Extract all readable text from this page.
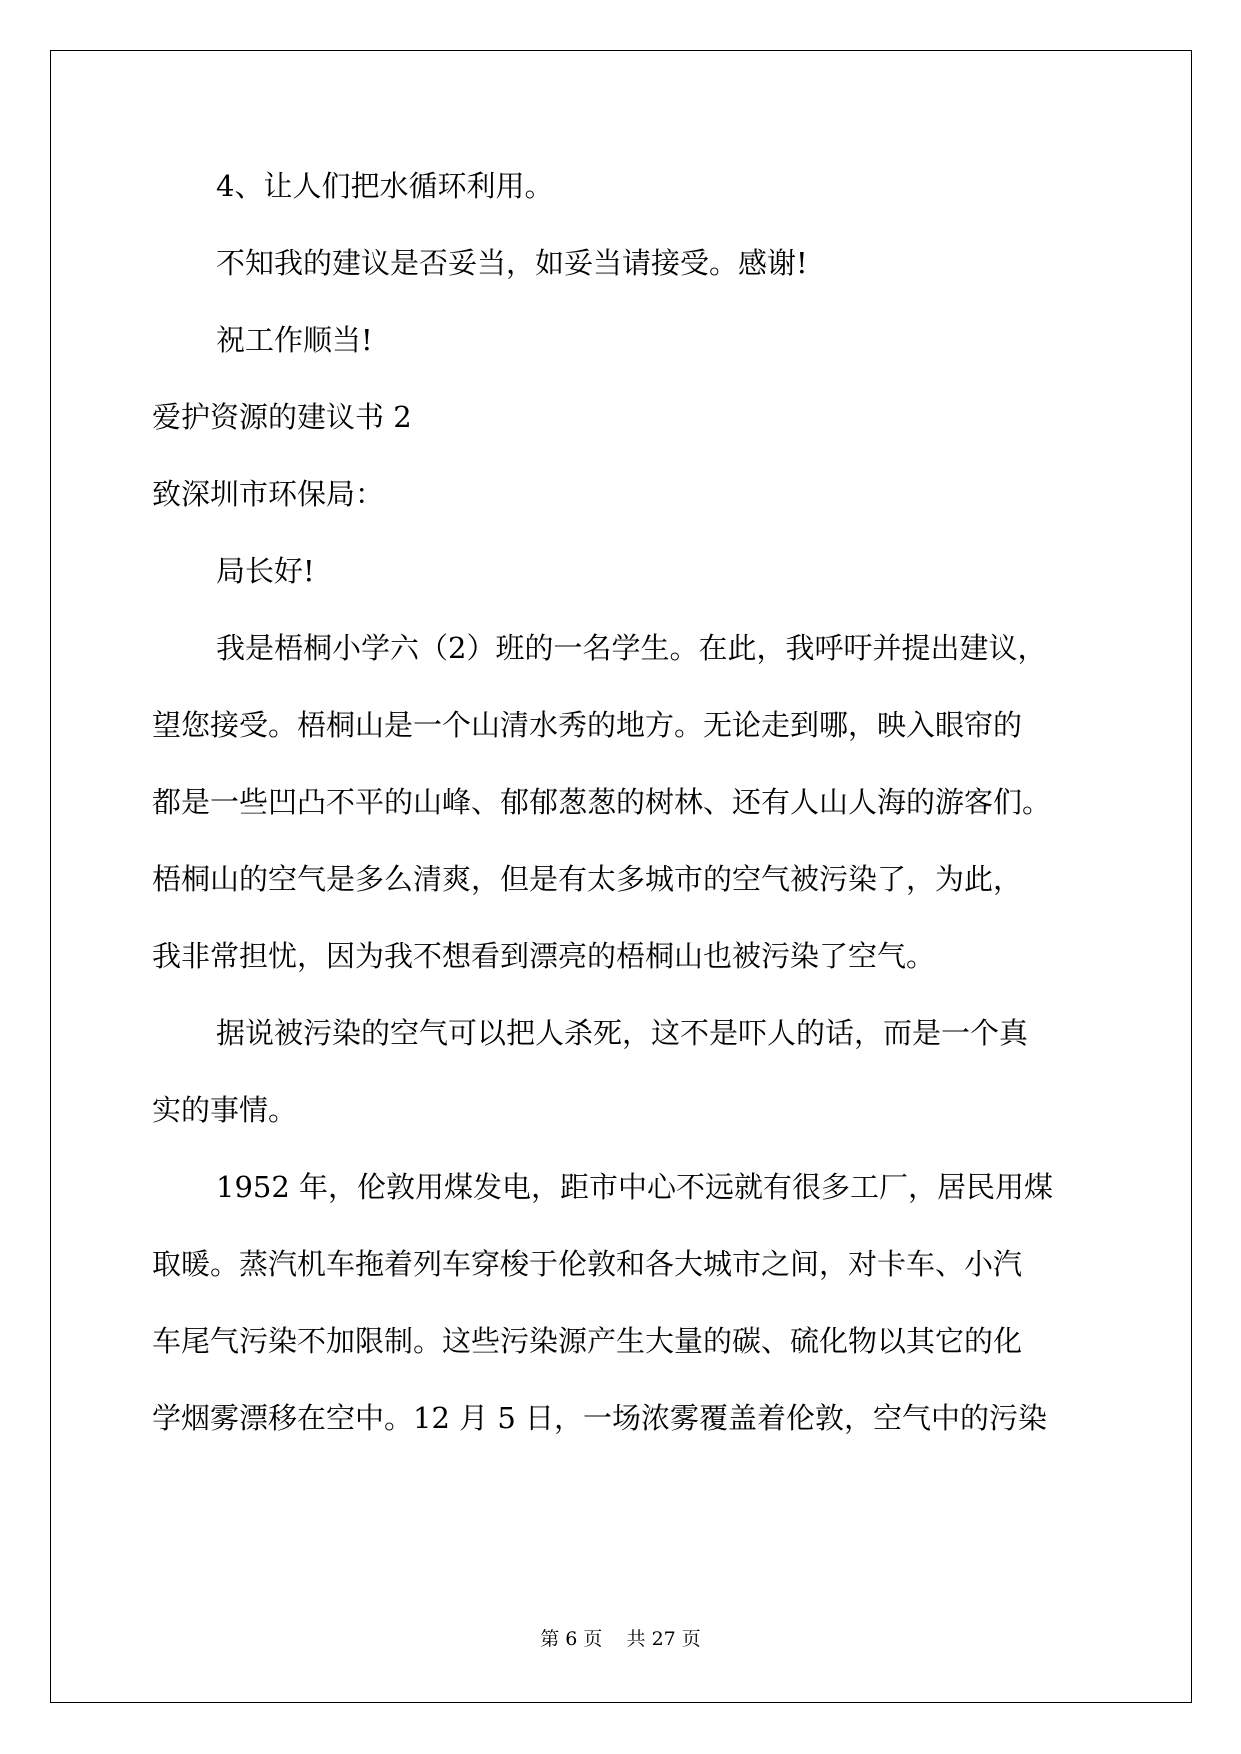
4、让人们把水循环利用。
不知我的建议是否妥当，如妥当请接受。感谢!
祝工作顺当!
爱护资源的建议书 2
致深圳市环保局：
局长好!
我是梧桐小学六（2）班的一名学生。在此，我呼吁并提出建议，
望您接受。梧桐山是一个山清水秀的地方。无论走到哪，映入眼帘的
都是一些凹凸不平的山峰、郁郁葱葱的树林、还有人山人海的游客们。
梧桐山的空气是多么清爽，但是有太多城市的空气被污染了，为此，
我非常担忧，因为我不想看到漂亮的梧桐山也被污染了空气。
据说被污染的空气可以把人杀死，这不是吓人的话，而是一个真
实的事情。
1952 年，伦敦用煤发电，距市中心不远就有很多工厂，居民用煤
取暖。蒸汽机车拖着列车穿梭于伦敦和各大城市之间，对卡车、小汽
车尾气污染不加限制。这些污染源产生大量的碳、硫化物以其它的化
学烟雾漂移在空中。12 月 5 日，一场浓雾覆盖着伦敦，空气中的污染
第 6 页    共 27 页
